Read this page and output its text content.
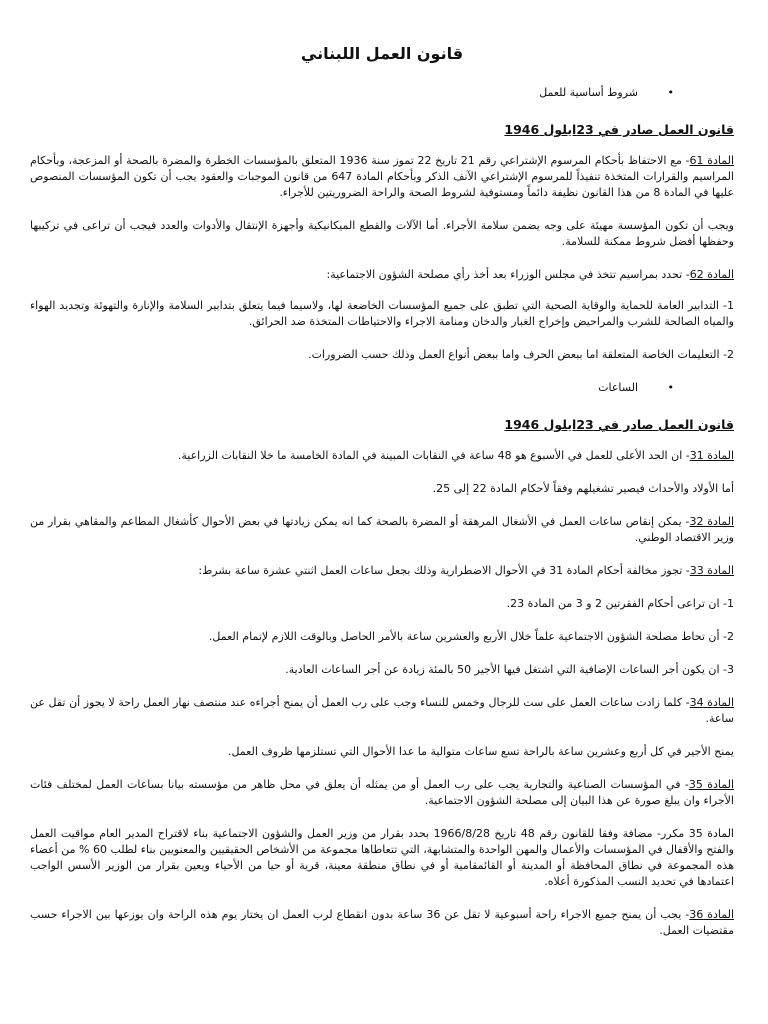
قانون العمل اللبناني
•
شروط أساسية للعمل
قانون العمل صادر في 23ايلول 1946

المادة 61- مع الاحتفاظ بأحكام المرسوم الإشتراعي رقم 21 تاريخ 22 تموز سنة 1936 المتعلق بالمؤسسات الخطرة والمضرة بالصحة أو المزعجة، وبأحكام المراسيم والقرارات المتخذة تنفيذاً للمرسوم الإشتراعي الآنف الذكر وبأحكام المادة 647 من قانون الموجبات والعقود يجب أن تكون المؤسسات المنصوص عليها في المادة 8 من هذا القانون نظيفة دائماً ومستوفية لشروط الصحة والراحة الضروريتين للأجراء.

ويجب أن تكون المؤسسة مهيئة على وجه يضمن سلامة الأجراء. أما الآلات والقطع الميكانيكية وأجهزة الإنتقال والأدوات والعدد فيجب أن تراعى في تركيبها وحفظها أفضل شروط ممكنة للسلامة.

المادة 62- تحدد بمراسيم تتخذ في مجلس الوزراء بعد أخذ رأي مصلحة الشؤون الاجتماعية:

1- التدابير العامة للحماية والوقاية الصحية التي تطبق على جميع المؤسسات الخاضعة لها، ولاسيما فيما يتعلق بتدابير السلامة والإنارة والتهوئة وتجديد الهواء والمياه الصالحة للشرب والمراحيض وإخراج الغبار والدخان ومنامة الاجراء والاحتياطات المتخذة ضد الحرائق.

2- التعليمات الخاصة المتعلقة اما ببعض الحرف واما ببعض أنواع العمل وذلك حسب الضرورات.

•
الساعات
قانون العمل صادر في 23ايلول 1946

المادة 31- ان الحد الأعلى للعمل في الأسبوع هو 48 ساعة في النقابات المبينة في المادة الخامسة ما خلا النقابات الزراعية.

أما الأولاد والأحداث فيصير تشغيلهم وفقاً لأحكام المادة 22 إلى 25.

المادة 32- يمكن إنقاص ساعات العمل في الأشغال المرهقة أو المضرة بالصحة كما انه يمكن زيادتها في بعض الأحوال كأشغال المطاعم والمقاهي بقرار من وزير الاقتصاد الوطني.

المادة 33- تجوز مخالفة أحكام المادة 31 في الأحوال الاضطرارية وذلك بجعل ساعات العمل اثنتي عشرة ساعة بشرط:

1- ان تراعى أحكام الفقرتين 2 و 3 من المادة 23.

2- أن تحاط مصلحة الشؤون الاجتماعية علماً خلال الأربع والعشرين ساعة بالأمر الحاصل وبالوقت اللازم لإتمام العمل.

3- ان يكون أجر الساعات الإضافية التي اشتغل فيها الأجير 50 بالمئة زيادة عن أجر الساعات العادية.

المادة 34- كلما زادت ساعات العمل على ست للرجال وخمس للنساء وجب على رب العمل أن يمنح أجراءه عند منتصف نهار العمل راحة لا يجوز أن تقل عن ساعة.

يمنح الأجير في كل أربع وعشرين ساعة بالراحة تسع ساعات متوالية ما عدا الأحوال التي تستلزمها ظروف العمل.

المادة 35- في المؤسسات الصناعية والتجارية يجب على رب العمل أو من يمثله أن يعلق في محل ظاهر من مؤسسته بيانا بساعات العمل لمختلف فئات الأجراء وان يبلغ صورة عن هذا البيان إلى مصلحة الشؤون الاجتماعية.

المادة 35 مكرر- مضافة وفقا للقانون رقم 48 تاريخ 1966/8/28 بحدد بقرار من وزير العمل والشؤون الاجتماعية بناء لاقتراح المدير العام مواقيت العمل والفتح والأقفال في المؤسسات والأعمال والمهن الواحدة والمتشابهة، التي تتعاطاها مجموعة من الأشخاص الحقيقيين والمعنويين بناء لطلب 60 % من أعضاء هذه المجموعة في نطاق المحافظة أو المدينة أو القائمقامية أو في نطاق منطقة معينة، قرية أو حيا من الأحياء ويعين بقرار من الوزير الأسس الواجب اعتمادها في تحديد النسب المذكورة أعلاه.

المادة 36- يجب أن يمنح جميع الاجراء راحة أسبوعية لا تقل عن 36 ساعة بدون انقطاع لرب العمل ان يختار يوم هذه الراحة وان يوزعها بين الاجراء حسب مقتضيات العمل.
